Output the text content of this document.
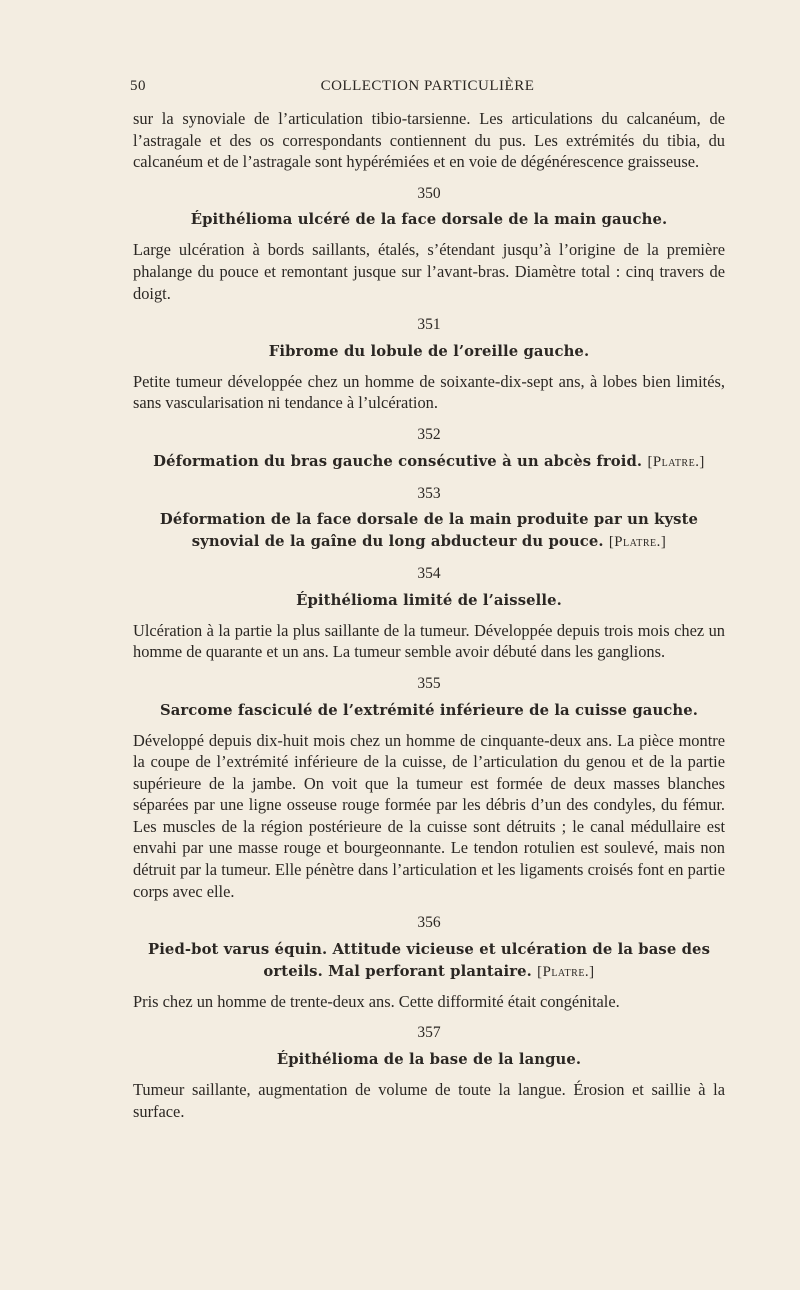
50	COLLECTION PARTICULIÈRE

sur la synoviale de l’articulation tibio-tarsienne. Les articulations du calcanéum, de l’astragale et des os correspondants contiennent du pus. Les extrémités du tibia, du calcanéum et de l’astragale sont hypérémiées et en voie de dégénérescence graisseuse.

350
Épithélioma ulcéré de la face dorsale de la main gauche.

Large ulcération à bords saillants, étalés, s’étendant jusqu’à l’origine de la première phalange du pouce et remontant jusque sur l’avant-bras. Diamètre total : cinq travers de doigt.

351
Fibrome du lobule de l’oreille gauche.

Petite tumeur développée chez un homme de soixante-dix-sept ans, à lobes bien limités, sans vascularisation ni tendance à l’ulcération.

352
Déformation du bras gauche consécutive à un abcès froid. [Platre.]
353
Déformation de la face dorsale de la main produite par un kyste synovial de la gaîne du long abducteur du pouce. [Platre.]
354
Épithélioma limité de l’aisselle.

Ulcération à la partie la plus saillante de la tumeur. Développée depuis trois mois chez un homme de quarante et un ans. La tumeur semble avoir débuté dans les ganglions.

355
Sarcome fasciculé de l’extrémité inférieure de la cuisse gauche.

Développé depuis dix-huit mois chez un homme de cinquante-deux ans. La pièce montre la coupe de l’extrémité inférieure de la cuisse, de l’articulation du genou et de la partie supérieure de la jambe. On voit que la tumeur est formée de deux masses blanches séparées par une ligne osseuse rouge formée par les débris d’un des condyles, du fémur. Les muscles de la région postérieure de la cuisse sont détruits ; le canal médullaire est envahi par une masse rouge et bourgeonnante. Le tendon rotulien est soulevé, mais non détruit par la tumeur. Elle pénètre dans l’articulation et les ligaments croisés font en partie corps avec elle.

356
Pied-bot varus équin. Attitude vicieuse et ulcération de la base des orteils. Mal perforant plantaire. [Platre.]

Pris chez un homme de trente-deux ans. Cette difformité était congénitale.

357
Épithélioma de la base de la langue.

Tumeur saillante, augmentation de volume de toute la langue. Érosion et saillie à la surface.
